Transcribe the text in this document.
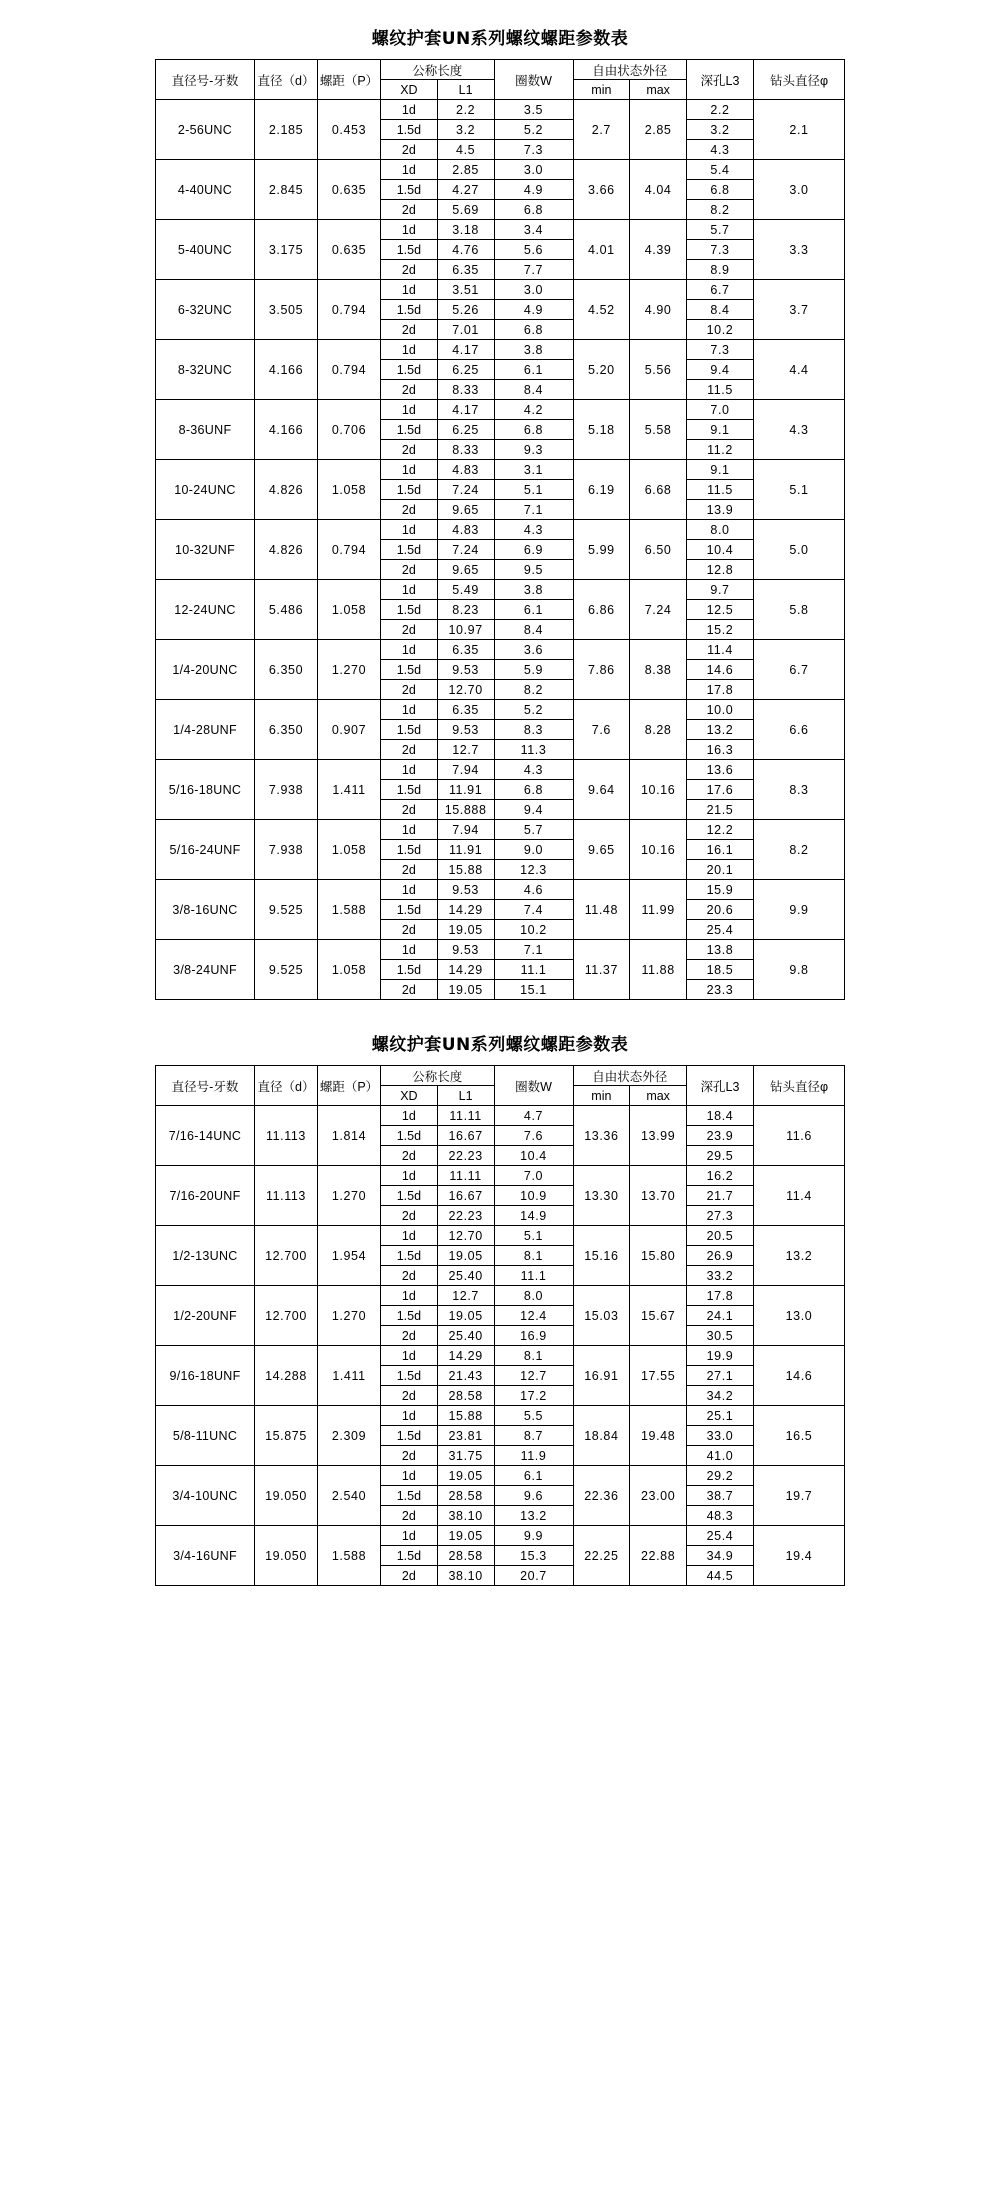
螺纹护套UN系列螺纹螺距参数表
直径号-牙数	直径（d）	螺距（P）	公称长度		圈数W	自由状态外径		深孔L3	钻头直径φ
			XD	L1		min	max		
2-56UNC	2.185	0.453	1d	2.2	3.5	2.7	2.85	2.2	2.1
			1.5d	3.2	5.2			3.2	
			2d	4.5	7.3			4.3	
4-40UNC	2.845	0.635	1d	2.85	3.0	3.66	4.04	5.4	3.0
			1.5d	4.27	4.9			6.8	
			2d	5.69	6.8			8.2	
5-40UNC	3.175	0.635	1d	3.18	3.4	4.01	4.39	5.7	3.3
			1.5d	4.76	5.6			7.3	
			2d	6.35	7.7			8.9	
6-32UNC	3.505	0.794	1d	3.51	3.0	4.52	4.90	6.7	3.7
			1.5d	5.26	4.9			8.4	
			2d	7.01	6.8			10.2	
8-32UNC	4.166	0.794	1d	4.17	3.8	5.20	5.56	7.3	4.4
			1.5d	6.25	6.1			9.4	
			2d	8.33	8.4			11.5	
8-36UNF	4.166	0.706	1d	4.17	4.2	5.18	5.58	7.0	4.3
			1.5d	6.25	6.8			9.1	
			2d	8.33	9.3			11.2	
10-24UNC	4.826	1.058	1d	4.83	3.1	6.19	6.68	9.1	5.1
			1.5d	7.24	5.1			11.5	
			2d	9.65	7.1			13.9	
10-32UNF	4.826	0.794	1d	4.83	4.3	5.99	6.50	8.0	5.0
			1.5d	7.24	6.9			10.4	
			2d	9.65	9.5			12.8	
12-24UNC	5.486	1.058	1d	5.49	3.8	6.86	7.24	9.7	5.8
			1.5d	8.23	6.1			12.5	
			2d	10.97	8.4			15.2	
1/4-20UNC	6.350	1.270	1d	6.35	3.6	7.86	8.38	11.4	6.7
			1.5d	9.53	5.9			14.6	
			2d	12.70	8.2			17.8	
1/4-28UNF	6.350	0.907	1d	6.35	5.2	7.6	8.28	10.0	6.6
			1.5d	9.53	8.3			13.2	
			2d	12.7	11.3			16.3	
5/16-18UNC	7.938	1.411	1d	7.94	4.3	9.64	10.16	13.6	8.3
			1.5d	11.91	6.8			17.6	
			2d	15.888	9.4			21.5	
5/16-24UNF	7.938	1.058	1d	7.94	5.7	9.65	10.16	12.2	8.2
			1.5d	11.91	9.0			16.1	
			2d	15.88	12.3			20.1	
3/8-16UNC	9.525	1.588	1d	9.53	4.6	11.48	11.99	15.9	9.9
			1.5d	14.29	7.4			20.6	
			2d	19.05	10.2			25.4	
3/8-24UNF	9.525	1.058	1d	9.53	7.1	11.37	11.88	13.8	9.8
			1.5d	14.29	11.1			18.5	
			2d	19.05	15.1			23.3	
螺纹护套UN系列螺纹螺距参数表
直径号-牙数	直径（d）	螺距（P）	公称长度		圈数W	自由状态外径		深孔L3	钻头直径φ
			XD	L1		min	max		
7/16-14UNC	11.113	1.814	1d	11.11	4.7	13.36	13.99	18.4	11.6
			1.5d	16.67	7.6			23.9	
			2d	22.23	10.4			29.5	
7/16-20UNF	11.113	1.270	1d	11.11	7.0	13.30	13.70	16.2	11.4
			1.5d	16.67	10.9			21.7	
			2d	22.23	14.9			27.3	
1/2-13UNC	12.700	1.954	1d	12.70	5.1	15.16	15.80	20.5	13.2
			1.5d	19.05	8.1			26.9	
			2d	25.40	11.1			33.2	
1/2-20UNF	12.700	1.270	1d	12.7	8.0	15.03	15.67	17.8	13.0
			1.5d	19.05	12.4			24.1	
			2d	25.40	16.9			30.5	
9/16-18UNF	14.288	1.411	1d	14.29	8.1	16.91	17.55	19.9	14.6
			1.5d	21.43	12.7			27.1	
			2d	28.58	17.2			34.2	
5/8-11UNC	15.875	2.309	1d	15.88	5.5	18.84	19.48	25.1	16.5
			1.5d	23.81	8.7			33.0	
			2d	31.75	11.9			41.0	
3/4-10UNC	19.050	2.540	1d	19.05	6.1	22.36	23.00	29.2	19.7
			1.5d	28.58	9.6			38.7	
			2d	38.10	13.2			48.3	
3/4-16UNF	19.050	1.588	1d	19.05	9.9	22.25	22.88	25.4	19.4
			1.5d	28.58	15.3			34.9	
			2d	38.10	20.7			44.5	
